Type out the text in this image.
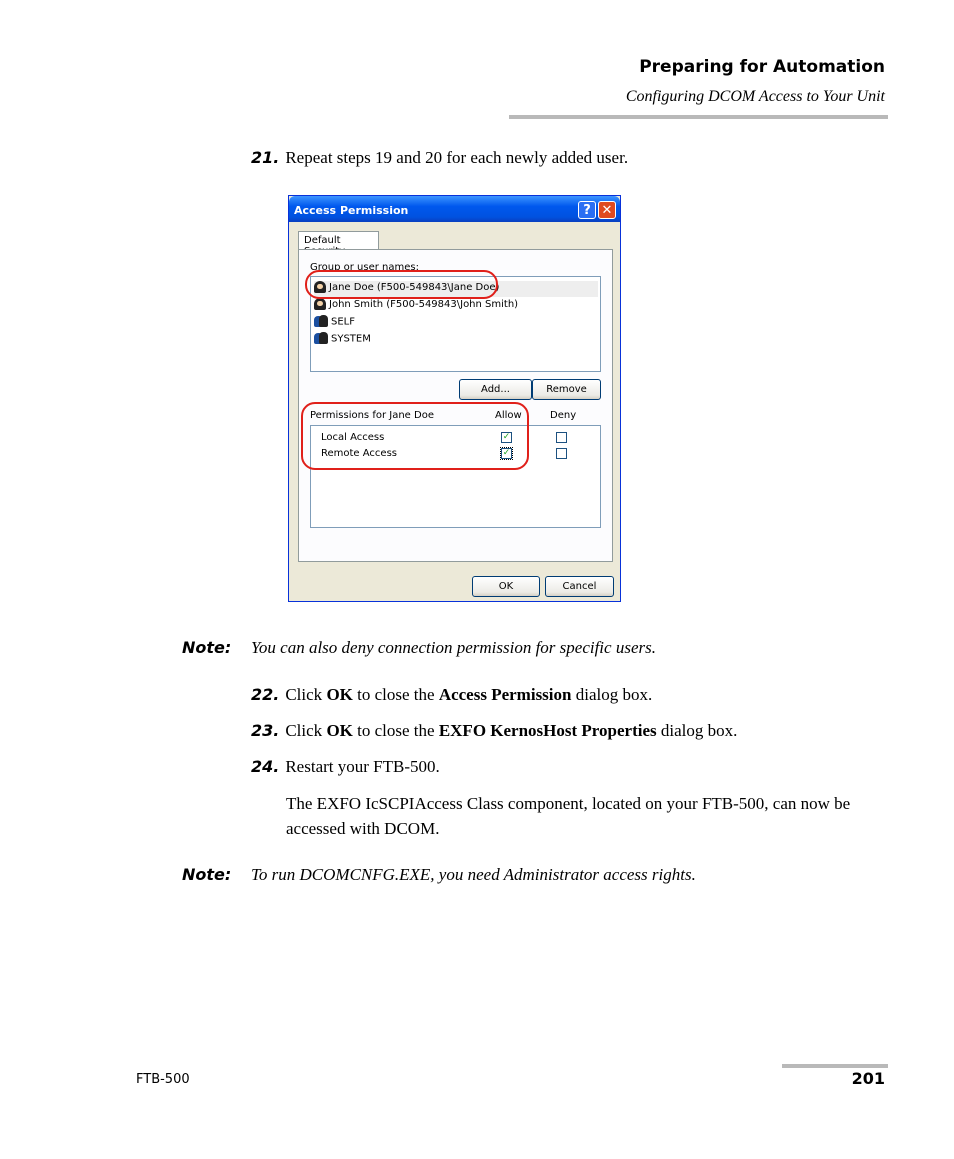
Preparing for Automation
Configuring DCOM Access to Your Unit
21. Repeat steps 19 and 20 for each newly added user.
Access Permission	? ✕
Default
Group or user names:
Jane Doe (F500-549843\Jane Doe)
John Smith (F500-549843\John Smith)
SELF
SYSTEM
Add...	Remove
Permissions for Jane Doe	Allow	Deny
Local Access	✓
Remote Access	✓
OK	Cancel
Note: You can also deny connection permission for specific users.
22. Click OK to close the Access Permission dialog box.
23. Click OK to close the EXFO KernosHost Properties dialog box.
24. Restart your FTB-500.
The EXFO IcSCPIAccess Class component, located on your FTB-500, can now be accessed with DCOM.
Note: To run DCOMCNFG.EXE, you need Administrator access rights.
FTB-500	201
